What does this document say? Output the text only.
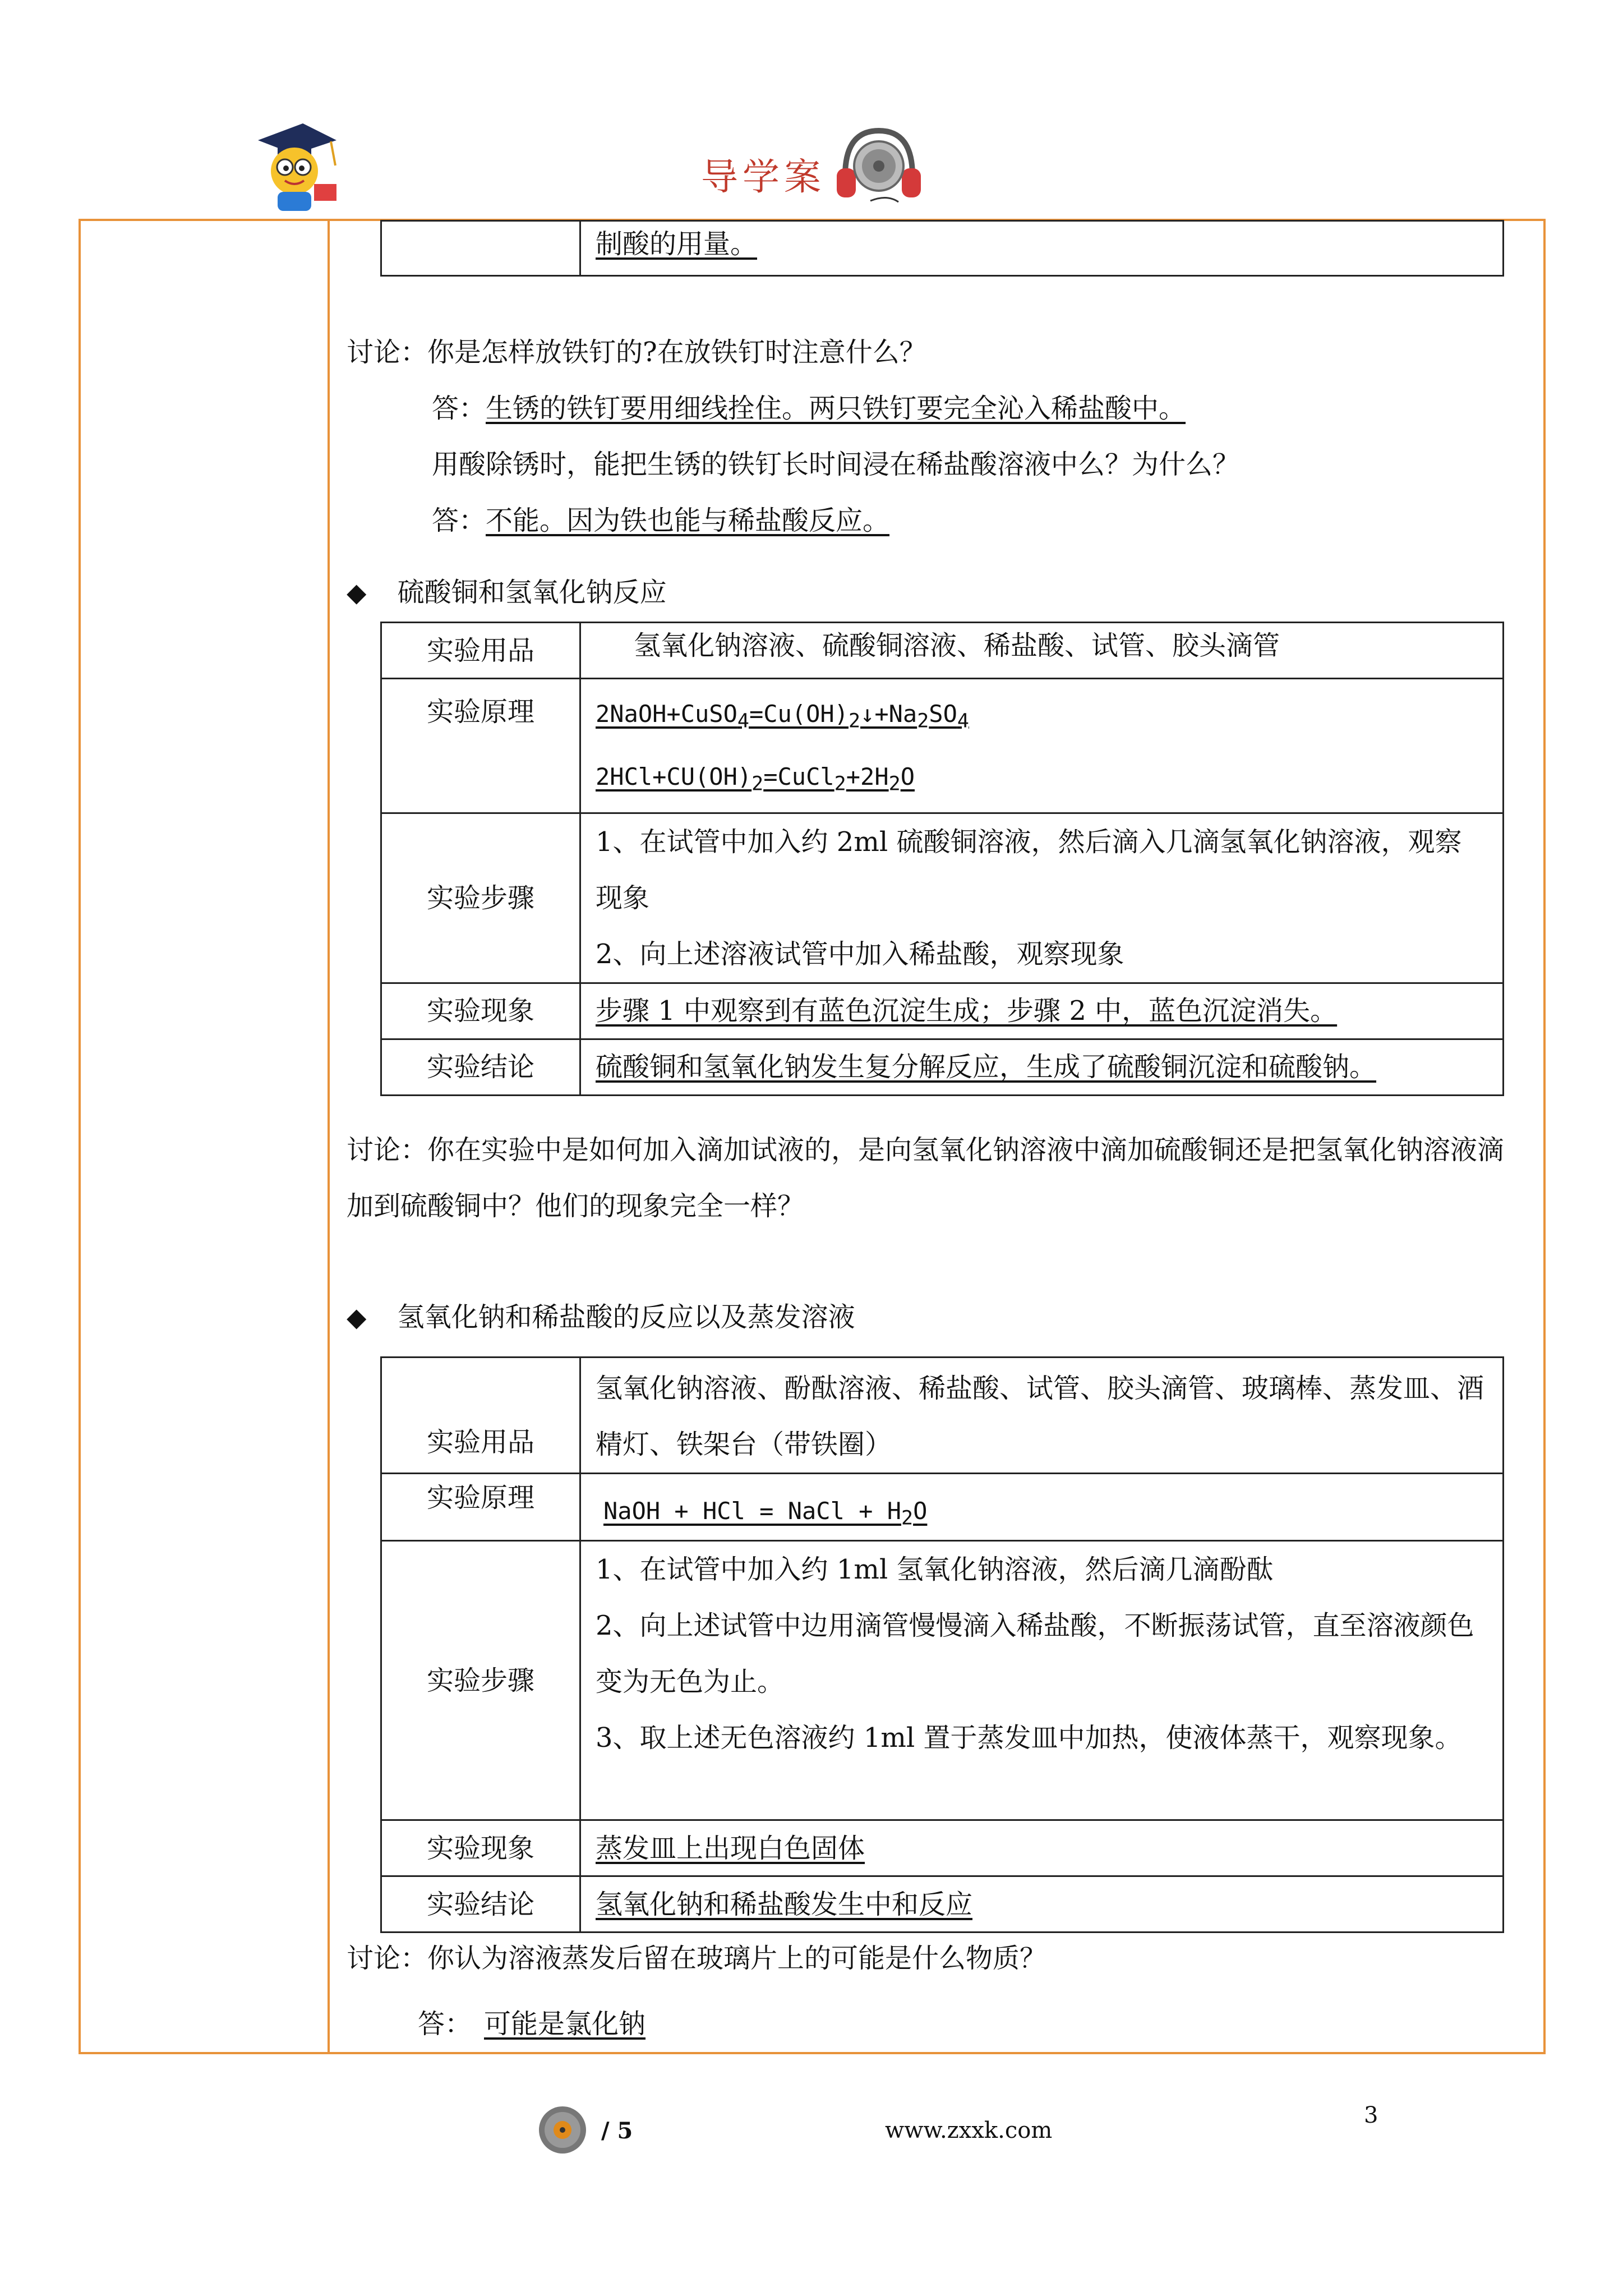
导学案
	制酸的用量。
讨论：你是怎样放铁钉的?在放铁钉时注意什么？
答：生锈的铁钉要用细线拴住。两只铁钉要完全沁入稀盐酸中。
用酸除锈时，能把生锈的铁钉长时间浸在稀盐酸溶液中么？为什么？
答：不能。因为铁也能与稀盐酸反应。
◆ 硫酸铜和氢氧化钠反应
实验用品	氢氧化钠溶液、硫酸铜溶液、稀盐酸、试管、胶头滴管
实验原理	$2NaOH+CuSO_4=Cu(OH)_2↓+Na_2SO_4$
$2HCl+CU(OH)_2=CuCl_2+2H_2O$

实验步骤	1、在试管中加入约 2ml 硫酸铜溶液，然后滴入几滴氢氧化钠溶液，观察现象
2、向上述溶液试管中加入稀盐酸，观察现象

实验现象	步骤 1 中观察到有蓝色沉淀生成；步骤 2 中，蓝色沉淀消失。
实验结论	硫酸铜和氢氧化钠发生复分解反应，生成了硫酸铜沉淀和硫酸钠。
讨论：你在实验中是如何加入滴加试液的，是向氢氧化钠溶液中滴加硫酸铜还是把氢氧化钠溶液滴加到硫酸铜中？他们的现象完全一样？
◆ 氢氧化钠和稀盐酸的反应以及蒸发溶液
实验用品	氢氧化钠溶液、酚酞溶液、稀盐酸、试管、胶头滴管、玻璃棒、蒸发皿、酒精灯、铁架台（带铁圈）
实验原理	NaOH + HCl = NaCl + $H_2O$
实验步骤	1、在试管中加入约 1ml 氢氧化钠溶液，然后滴几滴酚酞
2、向上述试管中边用滴管慢慢滴入稀盐酸，不断振荡试管，直至溶液颜色变为无色为止。
3、取上述无色溶液约 1ml 置于蒸发皿中加热，使液体蒸干，观察现象。

实验现象	蒸发皿上出现白色固体
实验结论	氢氧化钠和稀盐酸发生中和反应
讨论：你认为溶液蒸发后留在玻璃片上的可能是什么物质？
答： 可能是氯化钠
/ 5	www.zxxk.com
3
